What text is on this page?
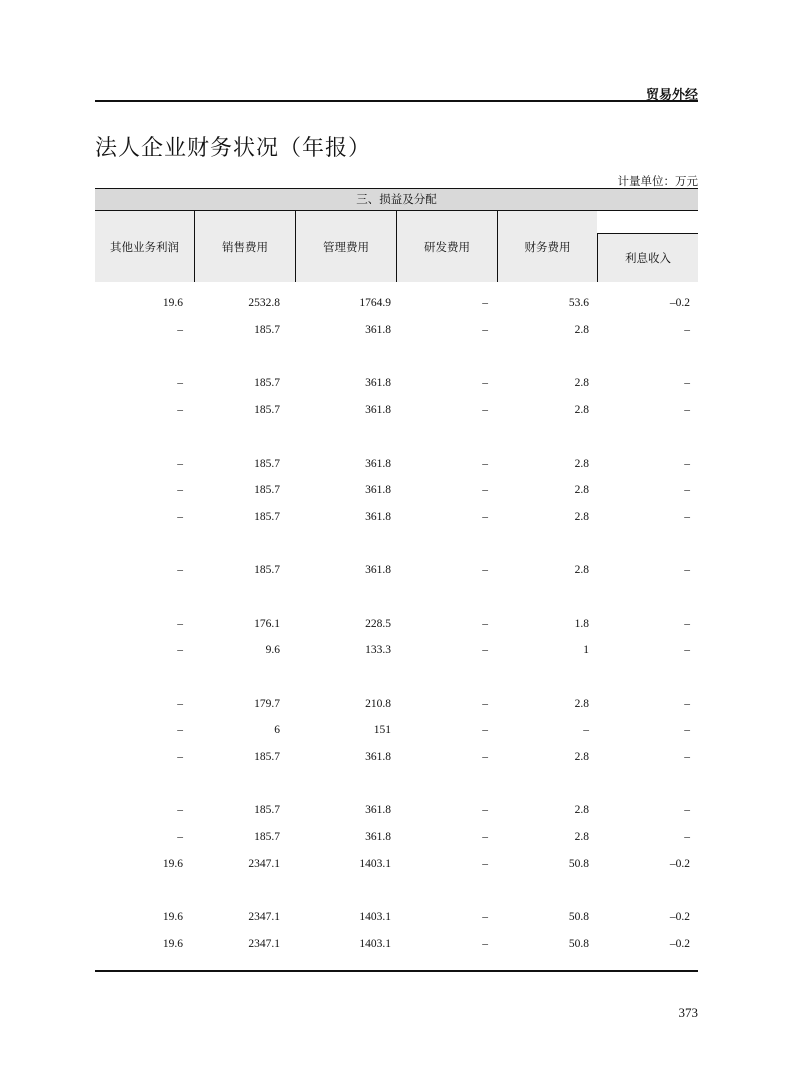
贸易外经
法人企业财务状况（年报）
计量单位：万元
三、损益及分配
其他业务利润	销售费用	管理费用	研发费用	财务费用
利息收入
19.6	2532.8	1764.9	–	53.6	–0.2
–	185.7	361.8	–	2.8	–
–	185.7	361.8	–	2.8	–
–	185.7	361.8	–	2.8	–
–	185.7	361.8	–	2.8	–
–	185.7	361.8	–	2.8	–
–	185.7	361.8	–	2.8	–
–	185.7	361.8	–	2.8	–
–	176.1	228.5	–	1.8	–
–	9.6	133.3	–	1	–
–	179.7	210.8	–	2.8	–
–	6	151	–	–	–
–	185.7	361.8	–	2.8	–
–	185.7	361.8	–	2.8	–
–	185.7	361.8	–	2.8	–
19.6	2347.1	1403.1	–	50.8	–0.2
19.6	2347.1	1403.1	–	50.8	–0.2
19.6	2347.1	1403.1	–	50.8	–0.2
373
